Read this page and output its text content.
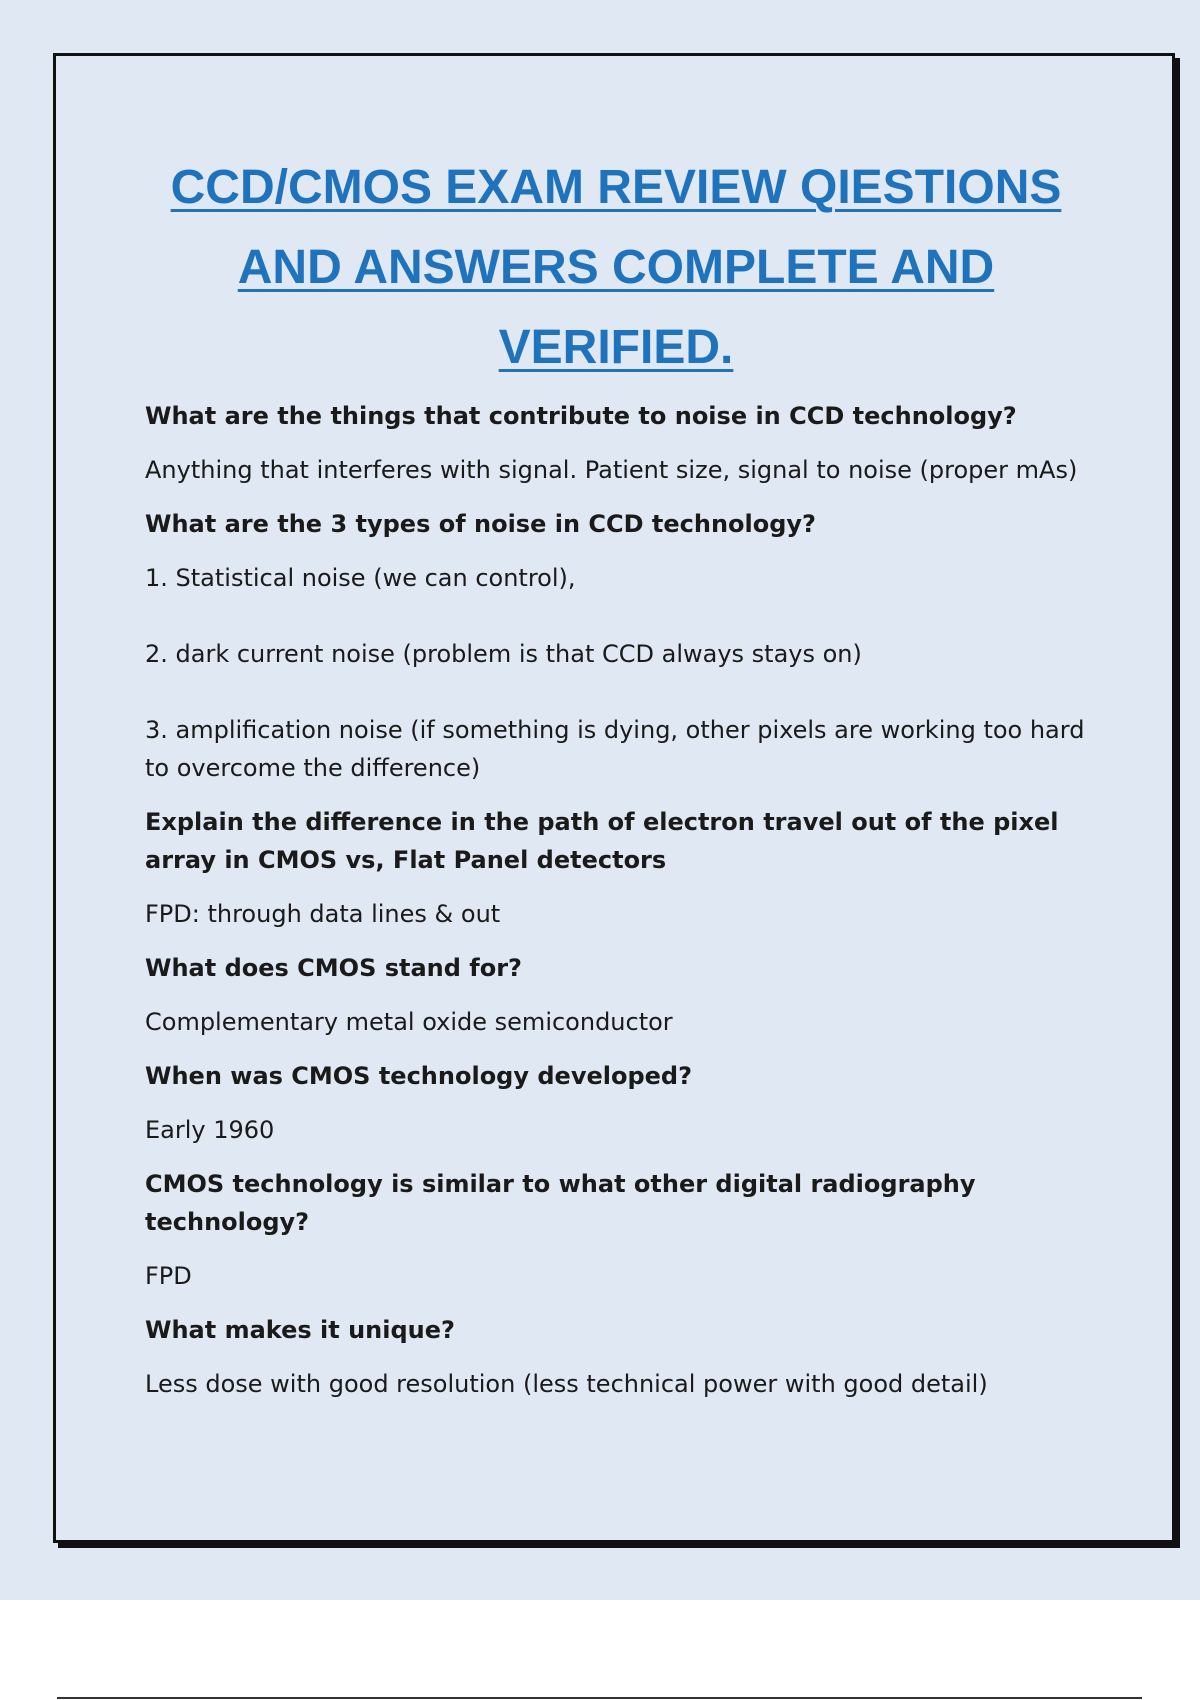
CCD/CMOS EXAM REVIEW QIESTIONS
AND ANSWERS COMPLETE AND
VERIFIED.

What are the things that contribute to noise in CCD technology?

Anything that interferes with signal. Patient size, signal to noise (proper mAs)

What are the 3 types of noise in CCD technology?

1. Statistical noise (we can control),

2. dark current noise (problem is that CCD always stays on)

3. amplification noise (if something is dying, other pixels are working too hard to overcome the difference)

Explain the difference in the path of electron travel out of the pixel array in CMOS vs, Flat Panel detectors

FPD: through data lines & out

What does CMOS stand for?

Complementary metal oxide semiconductor

When was CMOS technology developed?

Early 1960

CMOS technology is similar to what other digital radiography technology?

FPD

What makes it unique?

Less dose with good resolution (less technical power with good detail)
